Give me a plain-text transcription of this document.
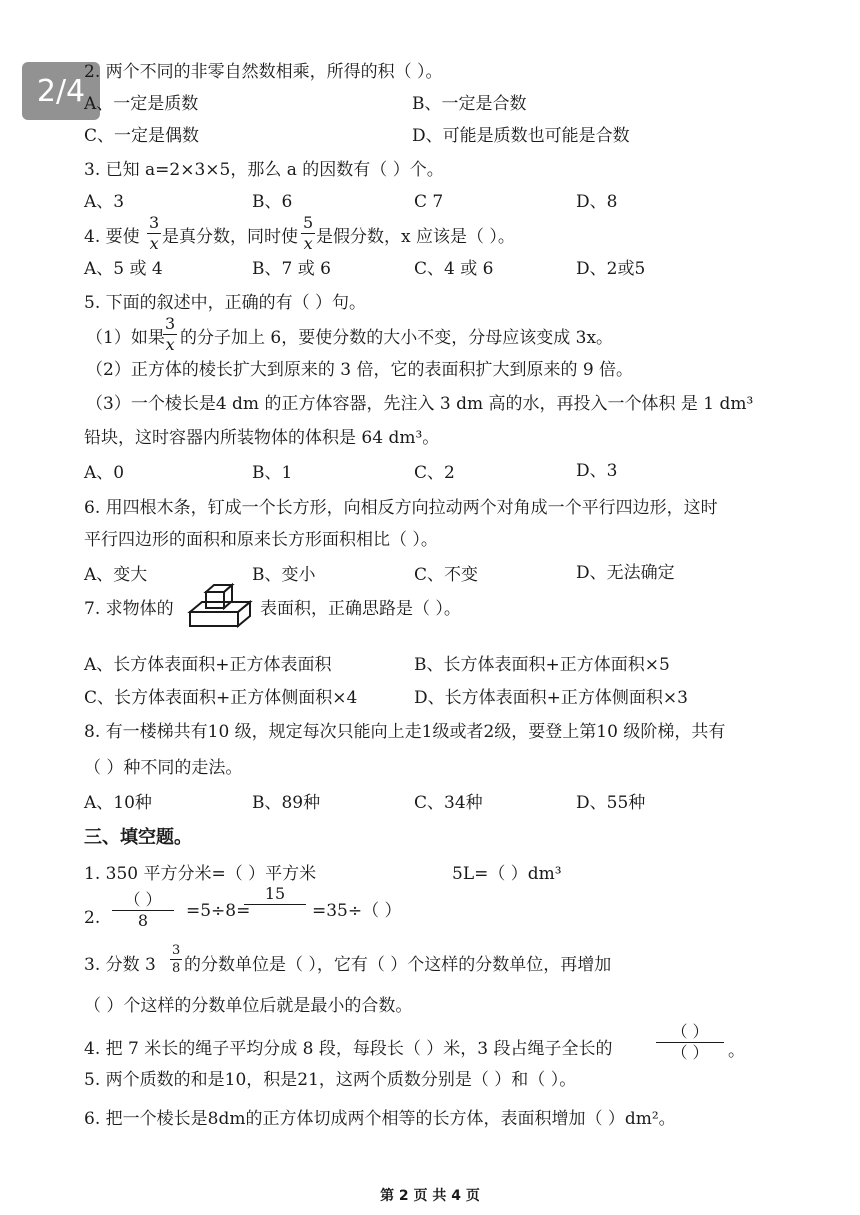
2/4
2. 两个不同的非零自然数相乘，所得的积（ ）。
A、一定是质数	B、一定是合数
C、一定是偶数	D、可能是质数也可能是合数
3. 已知 a=2×3×5，那么 a 的因数有（ ）个。
A、3	B、6	C 7	D、8
4. 要使
3
x 是真分数，同时使
5
x 是假分数，x 应该是（ ）。
A、5 或 4	B、7 或 6	C、4 或 6	D、2或5
5. 下面的叙述中，正确的有（ ）句。
（1）如果
3
x 的分子加上 6，要使分数的大小不变，分母应该变成 3x。
（2）正方体的棱长扩大到原来的 3 倍，它的表面积扩大到原来的 9 倍。
（3）一个棱长是4 dm 的正方体容器，先注入 3 dm 高的水，再投入一个体积 是 1 dm³
铅块，这时容器内所装物体的体积是 64 dm³。
A、0	B、1	C、2	D、3
6. 用四根木条，钉成一个长方形，向相反方向拉动两个对角成一个平行四边形，这时
平行四边形的面积和原来长方形面积相比（ ）。
A、变大	B、变小	C、不变	D、无法确定
7. 求物体的	表面积，正确思路是（ ）。
A、长方体表面积+正方体表面积	B、长方体表面积+正方体面积×5
C、长方体表面积+正方体侧面积×4	D、长方体表面积+正方体侧面积×3
8. 有一楼梯共有10 级，规定每次只能向上走1级或者2级，要登上第10 级阶梯，共有
（ ）种不同的走法。
A、10种	B、89种	C、34种	D、55种
三、填空题。
1. 350 平方分米=（ ）平方米	5L=（ ）dm³
2.
（ ）
8 =5÷8=
15
=35÷（ ）
3. 分数 3
3
8 的分数单位是（ ），它有（ ）个这样的分数单位，再增加
（ ）个这样的分数单位后就是最小的合数。
4. 把 7 米长的绳子平均分成 8 段，每段长（ ）米，3 段占绳子全长的
（ ）
（ ） 。
5. 两个质数的和是10，积是21，这两个质数分别是（ ）和（ ）。
6. 把一个棱长是8dm的正方体切成两个相等的长方体，表面积增加（ ）dm²。
第 2 页 共 4 页
